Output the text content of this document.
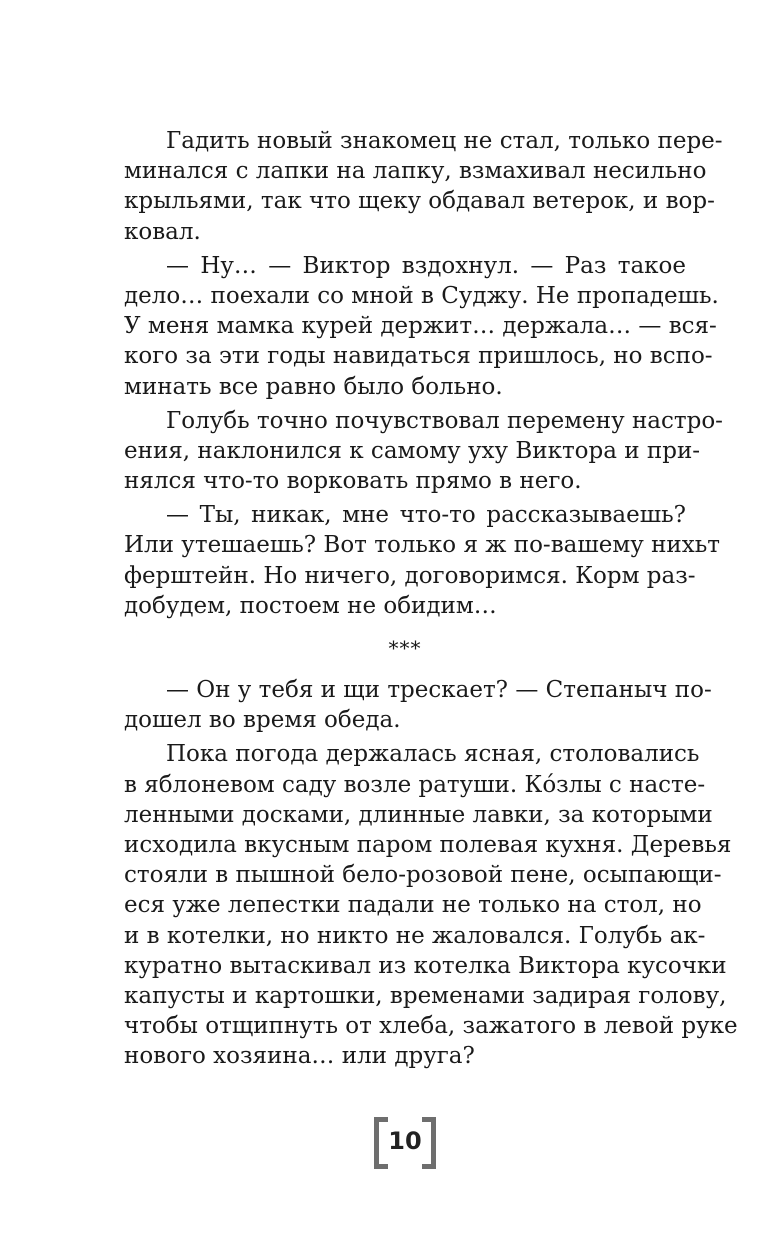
Гадить новый знакомец не стал, только пере-
минался с лапки на лапку, взмахивал несильно
крыльями, так что щеку обдавал ветерок, и вор-
ковал.
— Ну… — Виктор вздохнул. — Раз такое
дело… поехали со мной в Суджу. Не пропадешь.
У меня мамка курей держит… держала… — вся-
кого за эти годы навидаться пришлось, но вспо-
минать все равно было больно.
Голубь точно почувствовал перемену настро-
ения, наклонился к самому уху Виктора и при-
нялся что-то ворковать прямо в него.
— Ты, никак, мне что-то рассказываешь?
Или утешаешь? Вот только я ж по-вашему нихьт
ферштейн. Но ничего, договоримся. Корм раз-
добудем, постоем не обидим…
***
— Он у тебя и щи трескает? — Степаныч по-
дошел во время обеда.
Пока погода держалась ясная, столовались
в яблоневом саду возле ратуши. Ко́злы с насте-
ленными досками, длинные лавки, за которыми
исходила вкусным паром полевая кухня. Деревья
стояли в пышной бело-розовой пене, осыпающи-
еся уже лепестки падали не только на стол, но
и в котелки, но никто не жаловался. Голубь ак-
куратно вытаскивал из котелка Виктора кусочки
капусты и картошки, временами задирая голову,
чтобы отщипнуть от хлеба, зажатого в левой руке
нового хозяина… или друга?
10
